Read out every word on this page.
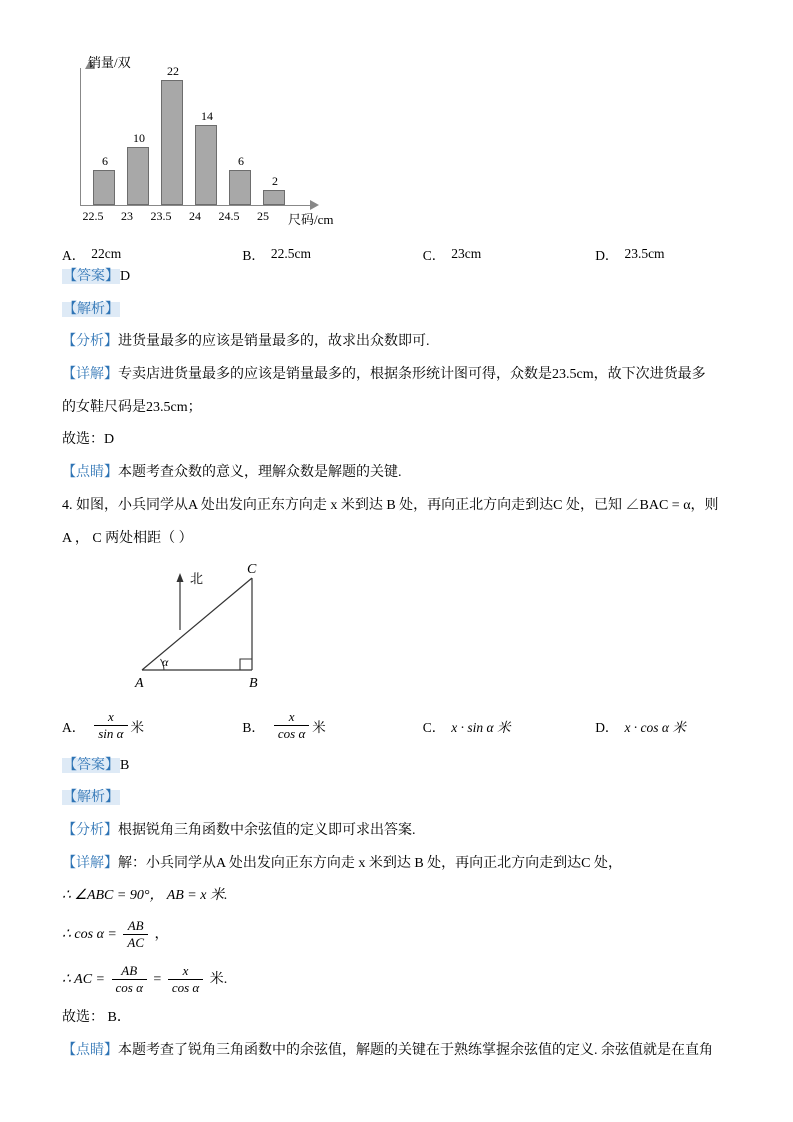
销量/双
尺码/cm
6
10
22
14
6
2
22.5	23	23.5	24	24.5	25
A． 22cm	B． 22.5cm	C． 23cm	D． 23.5cm

【答案】D

【解析】

【分析】进货量最多的应该是销量最多的，故求出众数即可.

【详解】专卖店进货量最多的应该是销量最多的，根据条形统计图可得，众数是23.5cm，故下次进货最多

的女鞋尺码是23.5cm；

故选：D

【点睛】本题考查众数的意义，理解众数是解题的关键.

4. 如图，小兵同学从A 处出发向正东方向走 x 米到达 B 处，再向正北方向走到达C 处，已知 ∠BAC = α，则

A ， C 两处相距（ ）

A	B
C
α
北
A． $\frac{x}{\text{sin α}}$ 米	B． $\frac{x}{\text{cos α}}$ 米	C． x · sin α 米	D． x · cos α 米

【答案】B

【解析】

【分析】根据锐角三角函数中余弦值的定义即可求出答案.

【详解】解：小兵同学从A 处出发向正东方向走 x 米到达 B 处，再向正北方向走到达C 处，

∴ ∠ABC = 90°， AB = x 米.

∴ $\cos \alpha = \frac{AB}{AC}$ ，

∴ AC = $\frac{AB}{\text{cos α}} = \frac{x}{\text{cos α}}$ 米.

故选： B．

【点睛】本题考查了锐角三角函数中的余弦值，解题的关键在于熟练掌握余弦值的定义. 余弦值就是在直角
